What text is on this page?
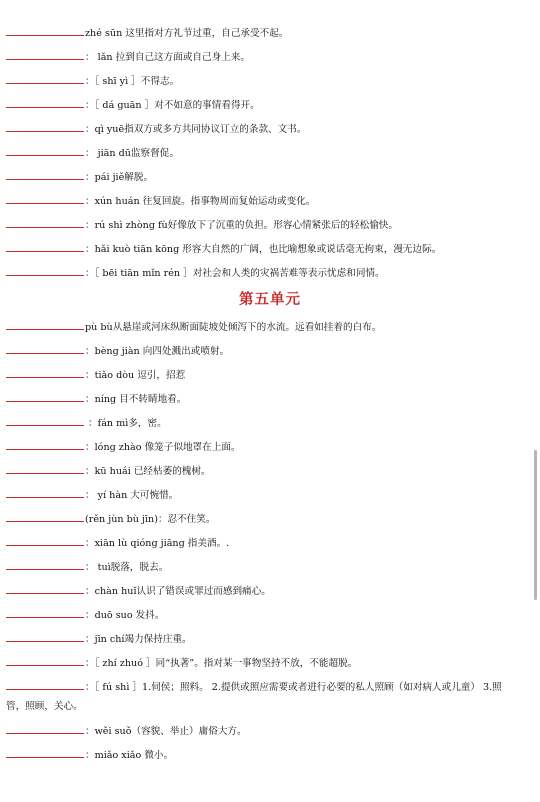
zhé sūn 这里指对方礼节过重，自己承受不起。
： lǎn 拉到自己这方面或自己身上来。
：［ shī yì ］不得志。
：［ dá guān ］对不如意的事情看得开。
：qì yuē指双方或多方共同协议订立的条款、文书。
： jiān dū监察督促。
：pái jiě解脱。
：xún huán 往复回旋。指事物周而复始运动或变化。
：rú shì zhòng fù好像放下了沉重的负担。形容心情紧张后的轻松愉快。
：hǎi kuò tiān kōng 形容大自然的广阔，也比喻想象或说话毫无拘束，漫无边际。
：［ bēi tiān mǐn rén ］对社会和人类的灾祸苦难等表示忧虑和同情。
第五单元
pù bù从悬崖或河床纵断面陡坡处倾泻下的水流。远看如挂着的白布。
：bèng jiàn 向四处溅出或喷射。
：tiǎo dòu 逗引，招惹
：níng 目不转睛地看。
：fán mì多，密。
：lóng zhào 像笼子似地罩在上面。
：kū huái 已经枯萎的槐树。
： yí hàn 大可惋惜。
(rěn jùn bù jīn)：忍不住笑。
：xiān lù qióng jiāng 指美酒。.
： tuì脱落，脱去。
：chàn huǐ认识了错误或罪过而感到痛心。
：duō suo 发抖。
：jīn chí竭力保持庄重。
：［ zhí zhuó ］同“执著”。指对某一事物坚持不放，不能超脱。
：［ fú shì ］1.伺侯；照料。 2.提供或照应需要或者进行必要的私人照顾（如对病人或儿童） 3.照
管，照顾，关心。
：wěi suǒ（容貌、举止）庸俗大方。
：miǎo xiǎo 微小。
